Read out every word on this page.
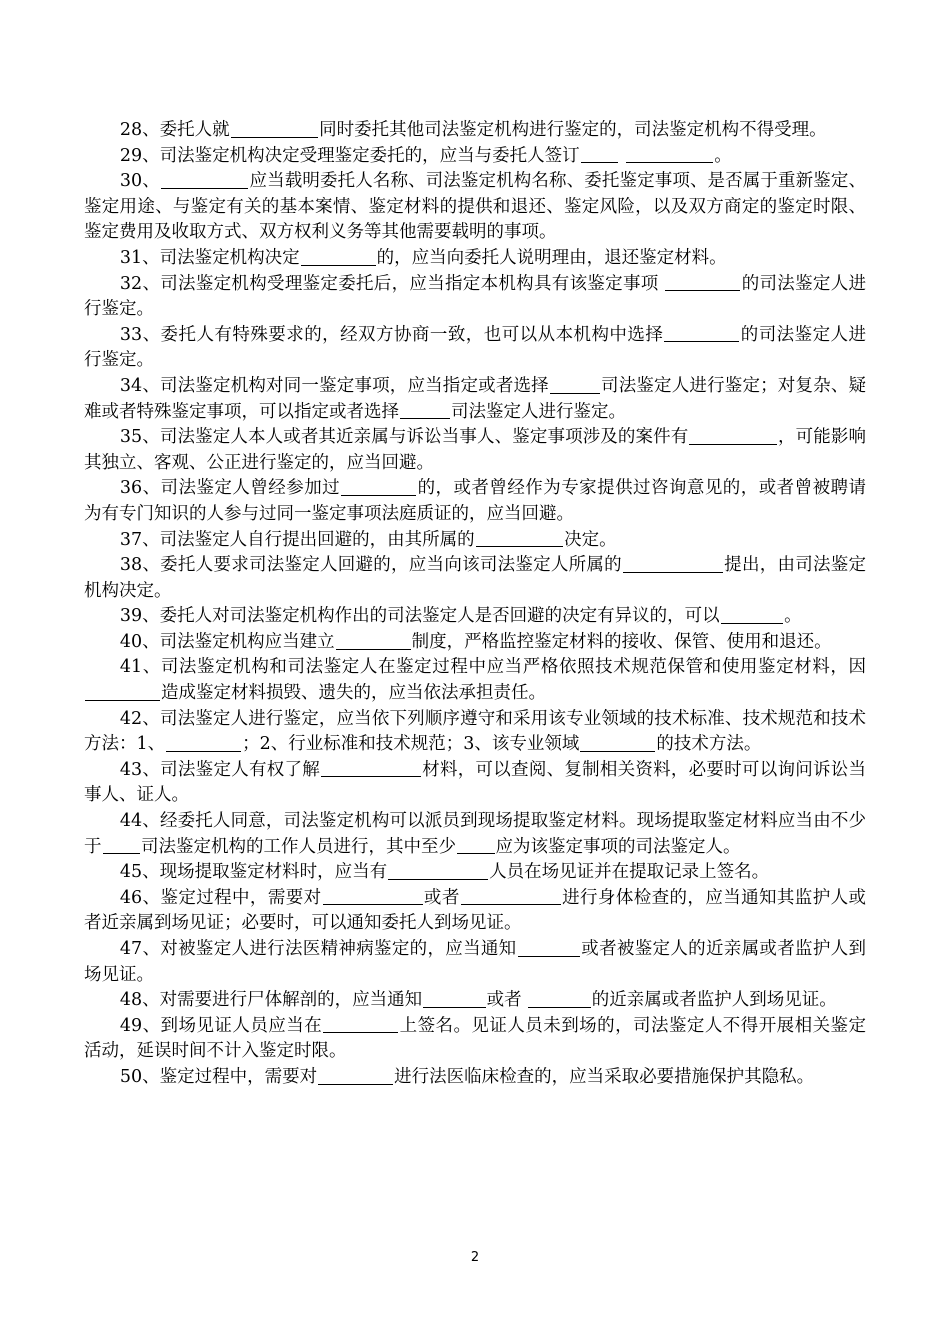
28、委托人就	同时委托其他司法鉴定机构进行鉴定的，司法鉴定机构不得受理。

29、司法鉴定机构决定受理鉴定委托的，应当与委托人签订	。

30、	应当载明委托人名称、司法鉴定机构名称、委托鉴定事项、是否属于重新鉴定、鉴定用途、与鉴定有关的基本案情、鉴定材料的提供和退还、鉴定风险，以及双方商定的鉴定时限、鉴定费用及收取方式、双方权利义务等其他需要载明的事项。

31、司法鉴定机构决定	的，应当向委托人说明理由，退还鉴定材料。

32、司法鉴定机构受理鉴定委托后，应当指定本机构具有该鉴定事项	的司法鉴定人进行鉴定。

33、委托人有特殊要求的，经双方协商一致，也可以从本机构中选择	的司法鉴定人进行鉴定。

34、司法鉴定机构对同一鉴定事项，应当指定或者选择	司法鉴定人进行鉴定；对复杂、疑难或者特殊鉴定事项，可以指定或者选择	司法鉴定人进行鉴定。

35、司法鉴定人本人或者其近亲属与诉讼当事人、鉴定事项涉及的案件有	，可能影响其独立、客观、公正进行鉴定的，应当回避。

36、司法鉴定人曾经参加过	的，或者曾经作为专家提供过咨询意见的，或者曾被聘请为有专门知识的人参与过同一鉴定事项法庭质证的，应当回避。

37、司法鉴定人自行提出回避的，由其所属的	决定。

38、委托人要求司法鉴定人回避的，应当向该司法鉴定人所属的	提出，由司法鉴定机构决定。

39、委托人对司法鉴定机构作出的司法鉴定人是否回避的决定有异议的，可以	。

40、司法鉴定机构应当建立	制度，严格监控鉴定材料的接收、保管、使用和退还。

41、司法鉴定机构和司法鉴定人在鉴定过程中应当严格依照技术规范保管和使用鉴定材料，因造成鉴定材料损毁、遗失的，应当依法承担责任。

42、司法鉴定人进行鉴定，应当依下列顺序遵守和采用该专业领域的技术标准、技术规范和技术方法：1、	；2、行业标准和技术规范；3、该专业领域	的技术方法。

43、司法鉴定人有权了解	材料，可以查阅、复制相关资料，必要时可以询问诉讼当事人、证人。

44、经委托人同意，司法鉴定机构可以派员到现场提取鉴定材料。现场提取鉴定材料应当由不少于 司法鉴定机构的工作人员进行，其中至少 应为该鉴定事项的司法鉴定人。

45、现场提取鉴定材料时，应当有	人员在场见证并在提取记录上签名。

46、鉴定过程中，需要对	或者	进行身体检查的，应当通知其监护人或者近亲属到场见证；必要时，可以通知委托人到场见证。

47、对被鉴定人进行法医精神病鉴定的，应当通知	或者被鉴定人的近亲属或者监护人到场见证。

48、对需要进行尸体解剖的，应当通知	或者	的近亲属或者监护人到场见证。

49、到场见证人员应当在	上签名。见证人员未到场的，司法鉴定人不得开展相关鉴定活动，延误时间不计入鉴定时限。

50、鉴定过程中，需要对	进行法医临床检查的，应当采取必要措施保护其隐私。

2
